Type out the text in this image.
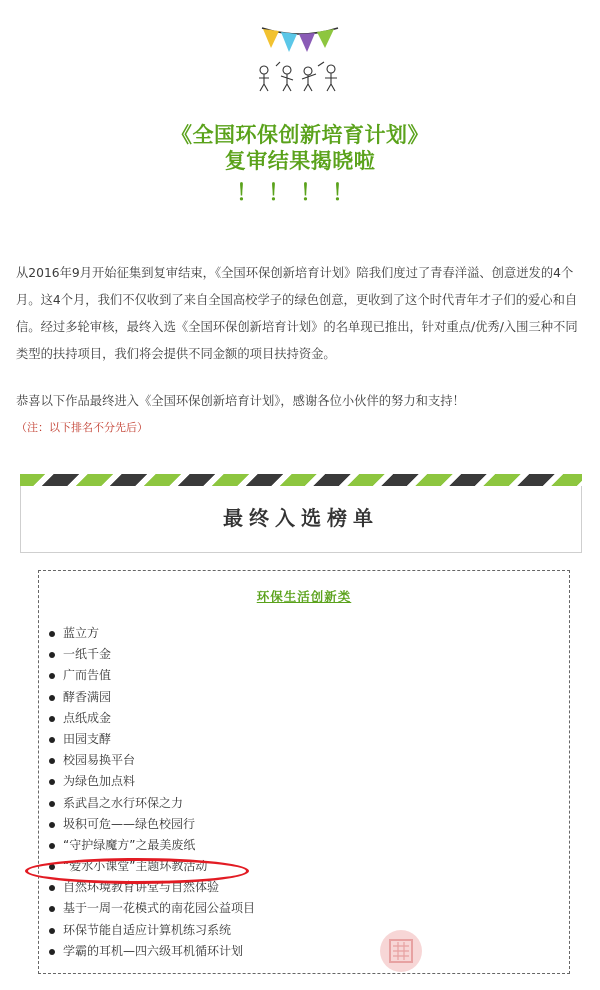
《全国环保创新培育计划》
复审结果揭晓啦
！！！！
从2016年9月开始征集到复审结束，《全国环保创新培育计划》陪我们度过了青春洋溢、创意迸发的4个月。这4个月，我们不仅收到了来自全国高校学子的绿色创意，更收到了这个时代青年才子们的爱心和自信。经过多轮审核，最终入选《全国环保创新培育计划》的名单现已推出，针对重点/优秀/入围三种不同类型的扶持项目，我们将会提供不同金额的项目扶持资金。
恭喜以下作品最终进入《全国环保创新培育计划》，感谢各位小伙伴的努力和支持！
（注：以下排名不分先后）
最终入选榜单
环保生活创新类
蓝立方
一纸千金
广而告值
酵香满园
点纸成金
田园支酵
校园易换平台
为绿色加点料
系武昌之水行环保之力
圾积可危——绿色校园行
“守护绿魔方”之最美废纸
“爱水小课堂”主题环教活动
自然环境教育讲堂与自然体验
基于一周一花模式的南花园公益项目
环保节能自适应计算机练习系统
学霸的耳机—四六级耳机循环计划
